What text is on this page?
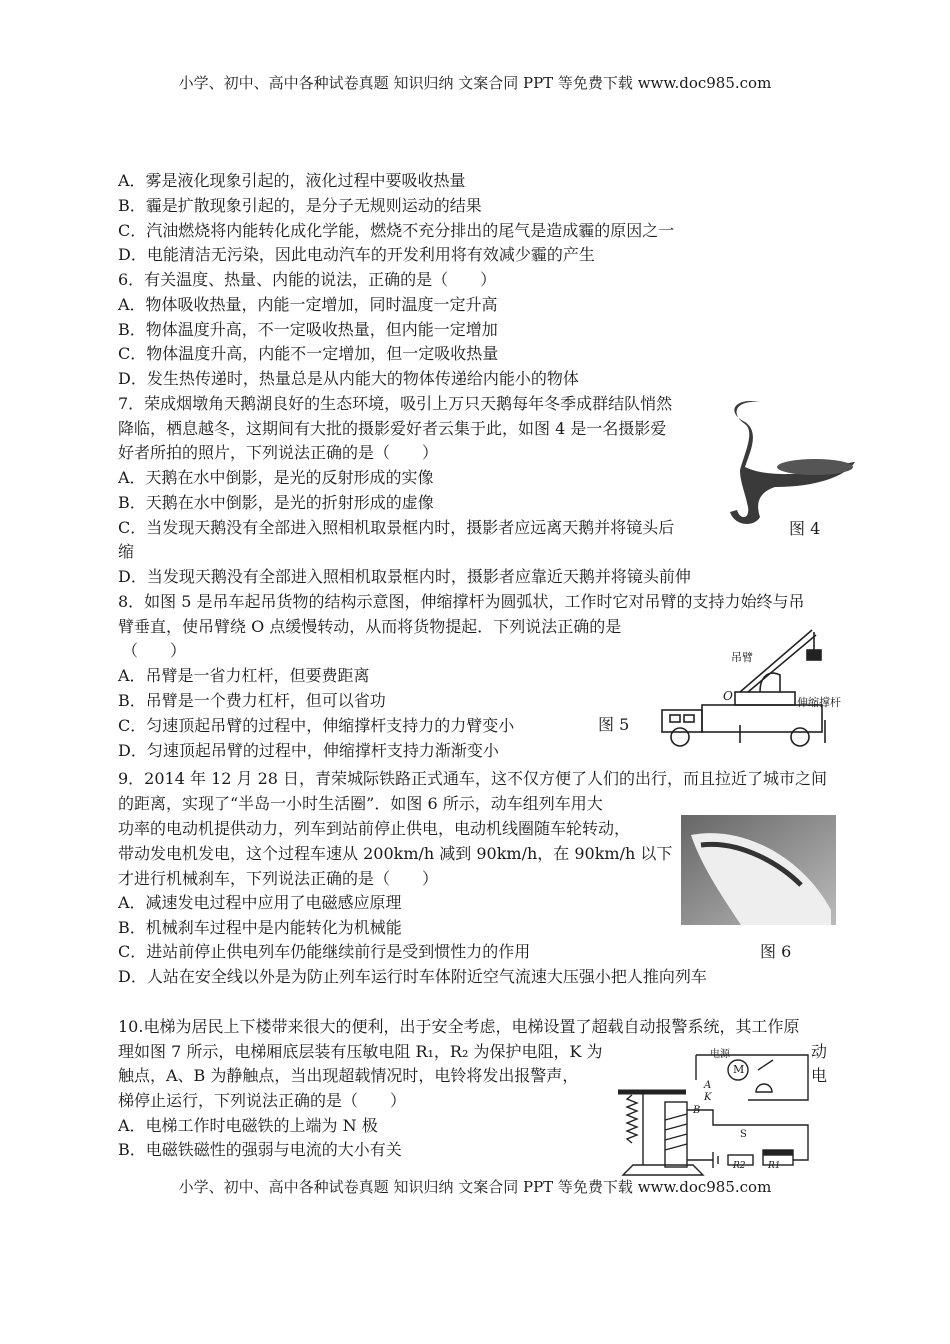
小学、初中、高中各种试卷真题 知识归纳 文案合同 PPT 等免费下载 www.doc985.com
A．雾是液化现象引起的，液化过程中要吸收热量
B．霾是扩散现象引起的，是分子无规则运动的结果
C．汽油燃烧将内能转化成化学能，燃烧不充分排出的尾气是造成霾的原因之一
D．电能清洁无污染，因此电动汽车的开发利用将有效减少霾的产生
6．有关温度、热量、内能的说法，正确的是（　　）
A．物体吸收热量，内能一定增加，同时温度一定升高
B．物体温度升高，不一定吸收热量，但内能一定增加
C．物体温度升高，内能不一定增加，但一定吸收热量
D．发生热传递时，热量总是从内能大的物体传递给内能小的物体
7．荣成烟墩角天鹅湖良好的生态环境，吸引上万只天鹅每年冬季成群结队悄然
降临，栖息越冬，这期间有大批的摄影爱好者云集于此，如图 4 是一名摄影爱
好者所拍的照片，下列说法正确的是（　　）
A．天鹅在水中倒影，是光的反射形成的实像
B．天鹅在水中倒影，是光的折射形成的虚像
C．当发现天鹅没有全部进入照相机取景框内时，摄影者应远离天鹅并将镜头后
缩
D．当发现天鹅没有全部进入照相机取景框内时，摄影者应靠近天鹅并将镜头前伸
8．如图 5 是吊车起吊货物的结构示意图，伸缩撑杆为圆弧状，工作时它对吊臂的支持力始终与吊
臂垂直，使吊臂绕 O 点缓慢转动，从而将货物提起．下列说法正确的是
（　　）
A．吊臂是一省力杠杆，但要费距离
B．吊臂是一个费力杠杆，但可以省功
C．匀速顶起吊臂的过程中，伸缩撑杆支持力的力臂变小
D．匀速顶起吊臂的过程中，伸缩撑杆支持力渐渐变小
9．2014 年 12 月 28 日，青荣城际铁路正式通车，这不仅方便了人们的出行，而且拉近了城市之间
的距离，实现了“半岛一小时生活圈”．如图 6 所示，动车组列车用大
功率的电动机提供动力，列车到站前停止供电，电动机线圈随车轮转动，
带动发电机发电，这个过程车速从 200km/h 减到 90km/h，在 90km/h 以下
才进行机械刹车，下列说法正确的是（　　）
A．减速发电过程中应用了电磁感应原理
B．机械刹车过程中是内能转化为机械能
C．进站前停止供电列车仍能继续前行是受到惯性力的作用
D．人站在安全线以外是为防止列车运行时车体附近空气流速大压强小把人推向列车
10.电梯为居民上下楼带来很大的便利，出于安全考虑，电梯设置了超载自动报警系统，其工作原
理如图 7 所示，电梯厢底层装有压敏电阻 R₁，R₂ 为保护电阻，K 为
触点，A、B 为静触点，当出现超载情况时，电铃将发出报警声，
梯停止运行，下列说法正确的是（　　）
A．电梯工作时电磁铁的上端为 N 极
B．电磁铁磁性的强弱与电流的大小有关
动
电
图 4
吊臂
伸缩撑杆
O
图 5
图 6
电源
M
A
K
B
S
R2 R1
小学、初中、高中各种试卷真题 知识归纳 文案合同 PPT 等免费下载 www.doc985.com
